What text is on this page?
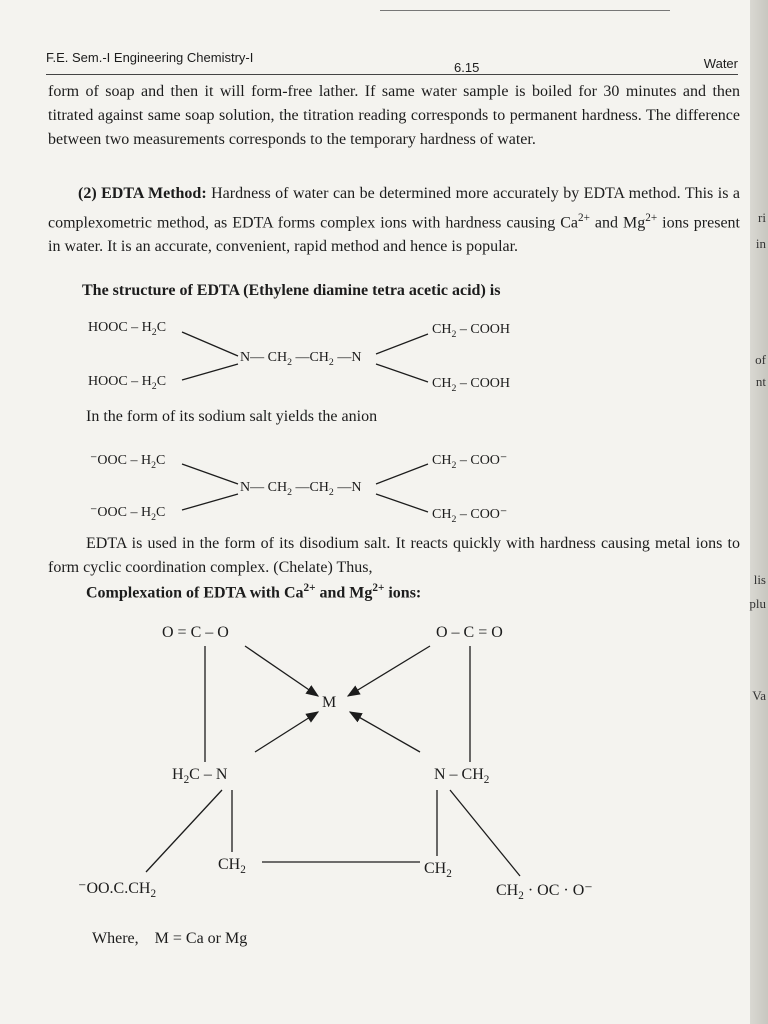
ri
in
of
nt
lis
plu
Va
F.E. Sem.-I Engineering Chemistry-I
6.15	Water
form of soap and then it will form-free lather. If same water sample is boiled for 30 minutes and then titrated against same soap solution, the titration reading corresponds to permanent hardness. The difference between two measurements corresponds to the temporary hardness of water.
(2) EDTA Method: Hardness of water can be determined more accurately by EDTA method. This is a complexometric method, as EDTA forms complex ions with hardness causing $Ca^{2+}$ and $Mg^{2+}$ ions present in water. It is an accurate, convenient, rapid method and hence is popular.
The structure of EDTA (Ethylene diamine tetra acetic acid) is
HOOC – $H_2C$
HOOC – $H_2C$
$CH_2$ – COOH
$CH_2$ – COOH
N— $CH_2$ $—CH_2$ —N
In the form of its sodium salt yields the anion
$^-OOC - H_2C$
$^-OOC - H_2C$
$CH_2 - COO^-$
$CH_2 - COO^-$
N— $CH_2$ $—CH_2$ —N
EDTA is used in the form of its disodium salt. It reacts quickly with hardness causing metal ions to form cyclic coordination complex. (Chelate) Thus,
Complexation of EDTA with $Ca^{2+}$ and $Mg^{2+}$ ions:
O = C – O	O – C = O
M
$H_2C$ – N	N – $CH_2$
$CH_2$	$CH_2$
$^-OO.C.CH_2$	$CH_2$ · OC · O⁻
Where, M = Ca or Mg
